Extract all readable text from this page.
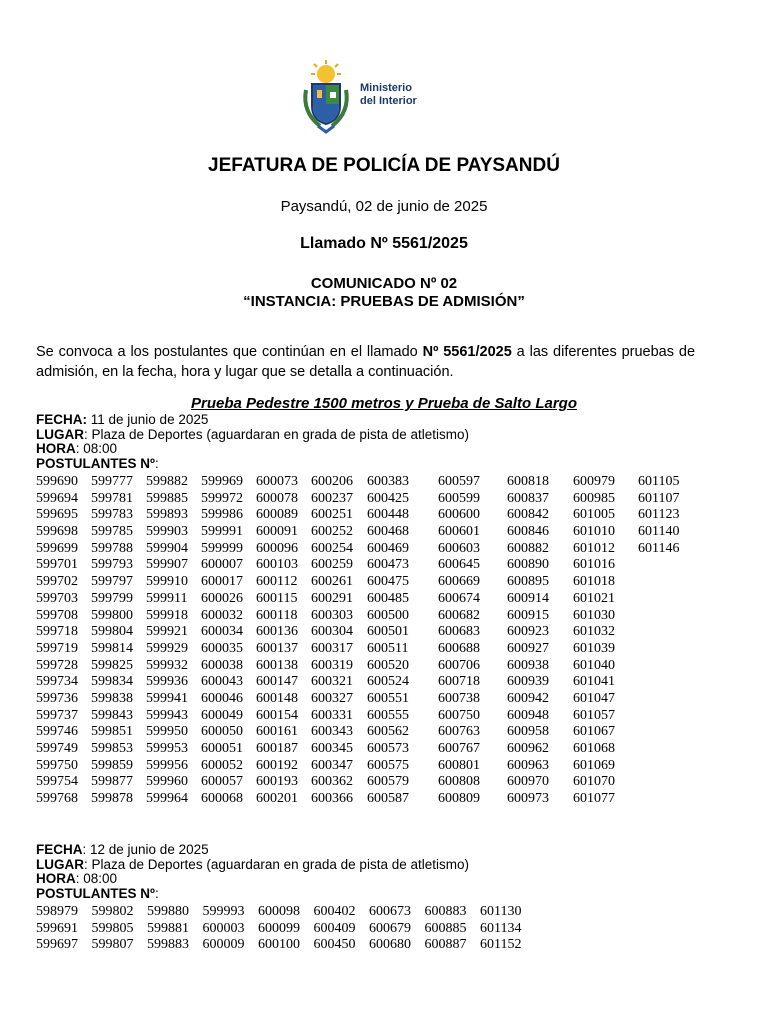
Ministerio
del Interior
JEFATURA DE POLICÍA DE PAYSANDÚ
Paysandú, 02 de junio de 2025
Llamado Nº 5561/2025
COMUNICADO Nº 02
“INSTANCIA: PRUEBAS DE ADMISIÓN”
Se convoca a los postulantes que continúan en el llamado Nº 5561/2025 a las diferentes pruebas de admisión, en la fecha, hora y lugar que se detalla a continuación.
Prueba Pedestre 1500 metros y Prueba de Salto Largo
FECHA: 11 de junio de 2025
LUGAR: Plaza de Deportes (aguardaran en grada de pista de atletismo)
HORA: 08:00
POSTULANTES Nº:
599690	599777	599882	599969	600073	600206	600383	600597	600818	600979	601105
599694	599781	599885	599972	600078	600237	600425	600599	600837	600985	601107
599695	599783	599893	599986	600089	600251	600448	600600	600842	601005	601123
599698	599785	599903	599991	600091	600252	600468	600601	600846	601010	601140
599699	599788	599904	599999	600096	600254	600469	600603	600882	601012	601146
599701	599793	599907	600007	600103	600259	600473	600645	600890	601016	
599702	599797	599910	600017	600112	600261	600475	600669	600895	601018	
599703	599799	599911	600026	600115	600291	600485	600674	600914	601021	
599708	599800	599918	600032	600118	600303	600500	600682	600915	601030	
599718	599804	599921	600034	600136	600304	600501	600683	600923	601032	
599719	599814	599929	600035	600137	600317	600511	600688	600927	601039	
599728	599825	599932	600038	600138	600319	600520	600706	600938	601040	
599734	599834	599936	600043	600147	600321	600524	600718	600939	601041	
599736	599838	599941	600046	600148	600327	600551	600738	600942	601047	
599737	599843	599943	600049	600154	600331	600555	600750	600948	601057	
599746	599851	599950	600050	600161	600343	600562	600763	600958	601067	
599749	599853	599953	600051	600187	600345	600573	600767	600962	601068	
599750	599859	599956	600052	600192	600347	600575	600801	600963	601069	
599754	599877	599960	600057	600193	600362	600579	600808	600970	601070	
599768	599878	599964	600068	600201	600366	600587	600809	600973	601077	
FECHA: 12 de junio de 2025
LUGAR: Plaza de Deportes (aguardaran en grada de pista de atletismo)
HORA: 08:00
POSTULANTES Nº:
598979	599802	599880	599993	600098	600402	600673	600883	601130
599691	599805	599881	600003	600099	600409	600679	600885	601134
599697	599807	599883	600009	600100	600450	600680	600887	601152
